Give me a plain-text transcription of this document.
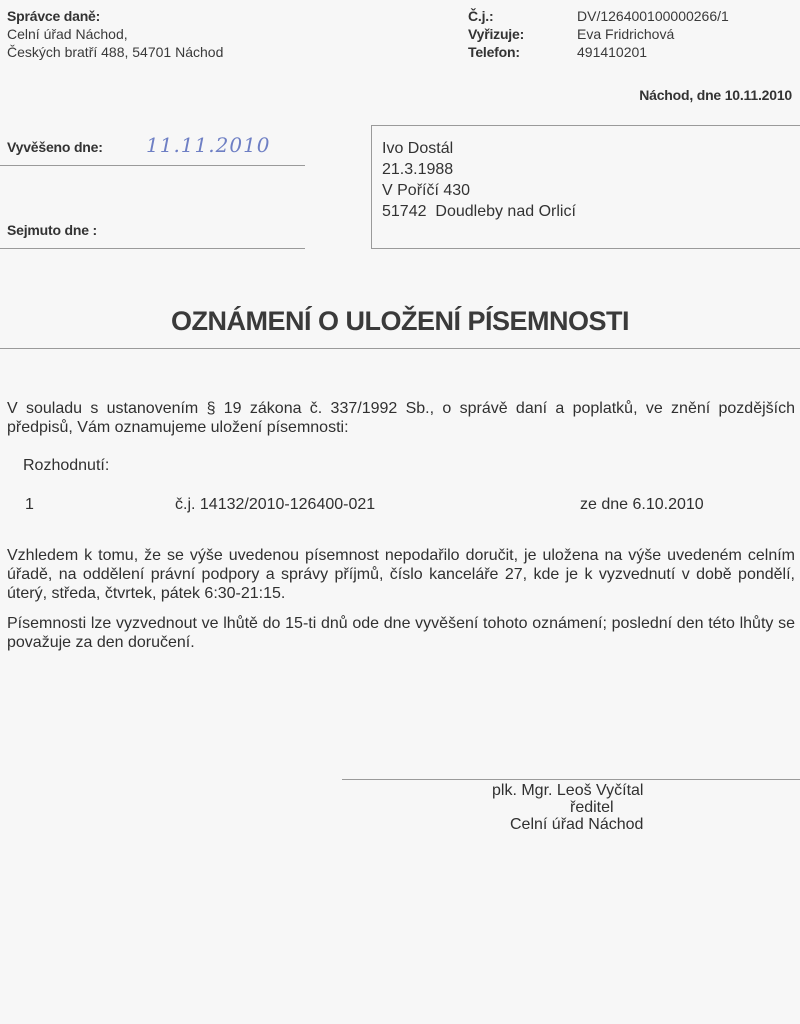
Správce daně:
Celní úřad Náchod,
Českých bratří 488, 54701 Náchod
Č.j.:	DV/126400100000266/1
Vyřizuje:	Eva Fridrichová
Telefon:	491410201
Náchod, dne 10.11.2010
Vyvěšeno dne: 11.11.2010
Sejmuto dne :
Ivo Dostál
21.3.1988
V Poříčí 430
51742  Doudleby nad Orlicí
OZNÁMENÍ O ULOŽENÍ PÍSEMNOSTI
V souladu s ustanovením § 19 zákona č. 337/1992 Sb., o správě daní a poplatků, ve znění pozdějších předpisů, Vám oznamujeme uložení písemnosti:
Rozhodnutí:
1	č.j. 14132/2010-126400-021	ze dne 6.10.2010
Vzhledem k tomu, že se výše uvedenou písemnost nepodařilo doručit, je uložena na výše uvedeném celním úřadě, na oddělení právní podpory a správy příjmů, číslo kanceláře 27, kde je k vyzvednutí v době pondělí, úterý, středa, čtvrtek, pátek 6:30-21:15.
Písemnosti lze vyzvednout ve lhůtě do 15-ti dnů ode dne vyvěšení tohoto oznámení; poslední den této lhůty se považuje za den doručení.
plk. Mgr. Leoš Vyčítal
ředitel
Celní úřad Náchod
